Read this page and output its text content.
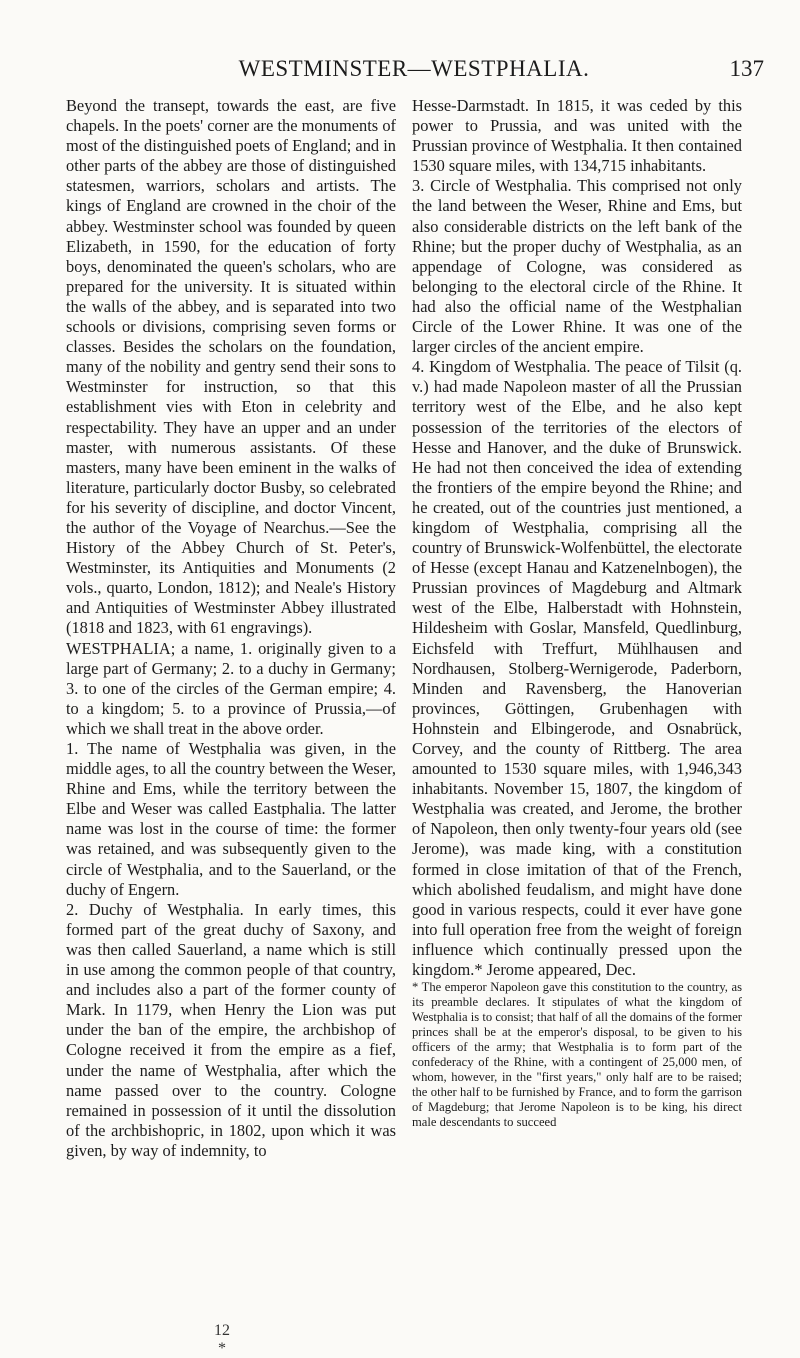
WESTMINSTER—WESTPHALIA.	137

Beyond the transept, towards the east, are five chapels. In the poets' corner are the monuments of most of the distinguished poets of England; and in other parts of the abbey are those of distinguished statesmen, warriors, scholars and artists. The kings of England are crowned in the choir of the abbey. Westminster school was founded by queen Elizabeth, in 1590, for the education of forty boys, denominated the queen's scholars, who are prepared for the university. It is situated within the walls of the abbey, and is separated into two schools or divisions, comprising seven forms or classes. Besides the scholars on the foundation, many of the nobility and gentry send their sons to Westminster for instruction, so that this establishment vies with Eton in celebrity and respectability. They have an upper and an under master, with numerous assistants. Of these masters, many have been eminent in the walks of literature, particularly doctor Busby, so celebrated for his severity of discipline, and doctor Vincent, the author of the Voyage of Nearchus.—See the History of the Abbey Church of St. Peter's, Westminster, its Antiquities and Monuments (2 vols., quarto, London, 1812); and Neale's History and Antiquities of Westminster Abbey illustrated (1818 and 1823, with 61 engravings).

WESTPHALIA; a name, 1. originally given to a large part of Germany; 2. to a duchy in Germany; 3. to one of the circles of the German empire; 4. to a kingdom; 5. to a province of Prussia,—of which we shall treat in the above order.

1. The name of Westphalia was given, in the middle ages, to all the country between the Weser, Rhine and Ems, while the territory between the Elbe and Weser was called Eastphalia. The latter name was lost in the course of time: the former was retained, and was subsequently given to the circle of Westphalia, and to the Sauerland, or the duchy of Engern.

2. Duchy of Westphalia. In early times, this formed part of the great duchy of Saxony, and was then called Sauerland, a name which is still in use among the common people of that country, and includes also a part of the former county of Mark. In 1179, when Henry the Lion was put under the ban of the empire, the archbishop of Cologne received it from the empire as a fief, under the name of Westphalia, after which the name passed over to the country. Cologne remained in possession of it until the dissolution of the archbishopric, in 1802, upon which it was given, by way of indemnity, to

Hesse-Darmstadt. In 1815, it was ceded by this power to Prussia, and was united with the Prussian province of Westphalia. It then contained 1530 square miles, with 134,715 inhabitants.

3. Circle of Westphalia. This comprised not only the land between the Weser, Rhine and Ems, but also considerable districts on the left bank of the Rhine; but the proper duchy of Westphalia, as an appendage of Cologne, was considered as belonging to the electoral circle of the Rhine. It had also the official name of the Westphalian Circle of the Lower Rhine. It was one of the larger circles of the ancient empire.

4. Kingdom of Westphalia. The peace of Tilsit (q. v.) had made Napoleon master of all the Prussian territory west of the Elbe, and he also kept possession of the territories of the electors of Hesse and Hanover, and the duke of Brunswick. He had not then conceived the idea of extending the frontiers of the empire beyond the Rhine; and he created, out of the countries just mentioned, a kingdom of Westphalia, comprising all the country of Brunswick-Wolfenbüttel, the electorate of Hesse (except Hanau and Katzenelnbogen), the Prussian provinces of Magdeburg and Altmark west of the Elbe, Halberstadt with Hohnstein, Hildesheim with Goslar, Mansfeld, Quedlinburg, Eichsfeld with Treffurt, Mühlhausen and Nordhausen, Stolberg-Wernigerode, Paderborn, Minden and Ravensberg, the Hanoverian provinces, Göttingen, Grubenhagen with Hohnstein and Elbingerode, and Osnabrück, Corvey, and the county of Rittberg. The area amounted to 1530 square miles, with 1,946,343 inhabitants. November 15, 1807, the kingdom of Westphalia was created, and Jerome, the brother of Napoleon, then only twenty-four years old (see Jerome), was made king, with a constitution formed in close imitation of that of the French, which abolished feudalism, and might have done good in various respects, could it ever have gone into full operation free from the weight of foreign influence which continually pressed upon the kingdom.* Jerome appeared, Dec.

* The emperor Napoleon gave this constitution to the country, as its preamble declares. It stipulates of what the kingdom of Westphalia is to consist; that half of all the domains of the former princes shall be at the emperor's disposal, to be given to his officers of the army; that Westphalia is to form part of the confederacy of the Rhine, with a contingent of 25,000 men, of whom, however, in the "first years," only half are to be raised; the other half to be furnished by France, and to form the garrison of Magdeburg; that Jerome Napoleon is to be king, his direct male descendants to succeed

12 *
